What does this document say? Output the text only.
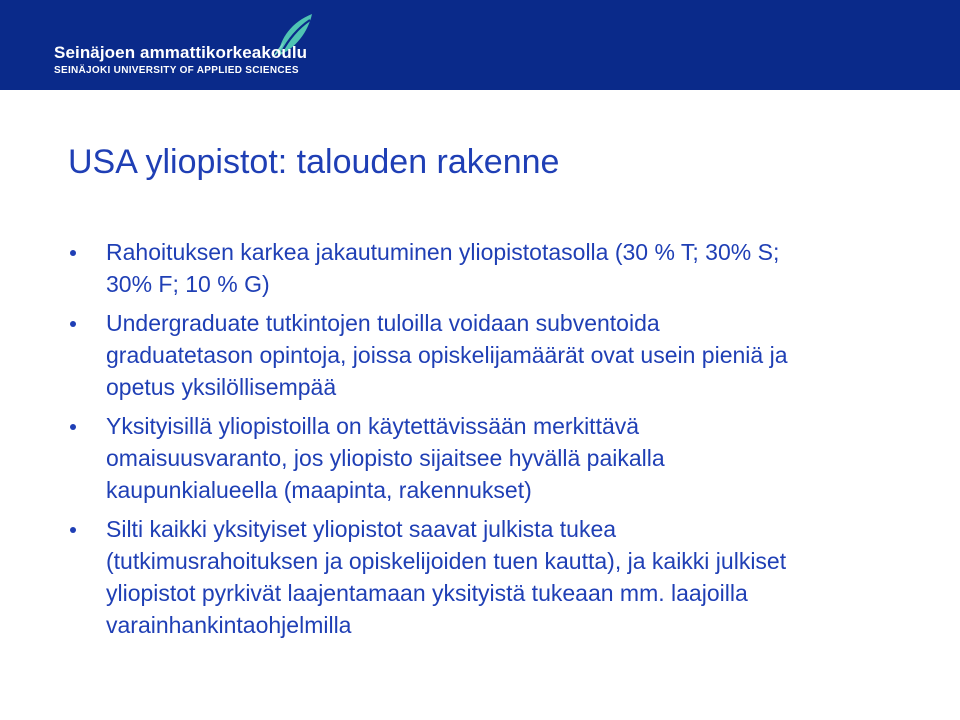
Seinäjoen ammattikorkeakoulu
SEINÄJOKI UNIVERSITY OF APPLIED SCIENCES
USA yliopistot: talouden rakenne
Rahoituksen karkea jakautuminen yliopistotasolla (30 % T; 30% S;
30% F; 10 % G)
Undergraduate tutkintojen tuloilla voidaan subventoida
graduatetason opintoja, joissa opiskelijamäärät ovat usein pieniä ja
opetus yksilöllisempää
Yksityisillä yliopistoilla on käytettävissään merkittävä
omaisuusvaranto, jos yliopisto sijaitsee hyvällä paikalla
kaupunkialueella (maapinta, rakennukset)
Silti kaikki yksityiset yliopistot saavat julkista tukea
(tutkimusrahoituksen ja opiskelijoiden tuen kautta), ja kaikki julkiset
yliopistot pyrkivät laajentamaan yksityistä tukeaan mm. laajoilla
varainhankintaohjelmilla
